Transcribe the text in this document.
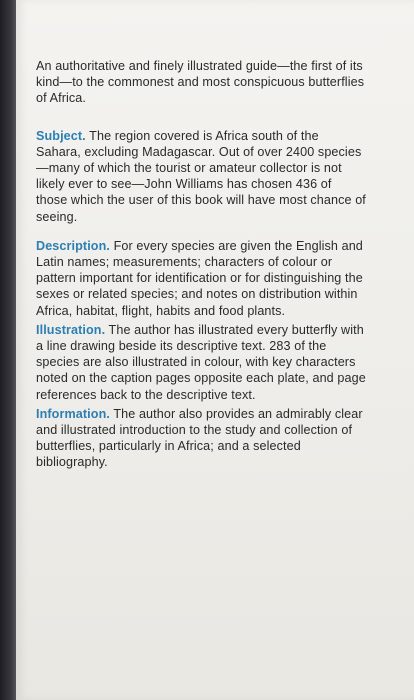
An authoritative and finely illustrated guide—the first of its kind—to the commonest and most conspicuous butterflies of Africa.

Subject. The region covered is Africa south of the Sahara, excluding Madagascar. Out of over 2400 species—many of which the tourist or amateur collector is not likely ever to see—John Williams has chosen 436 of those which the user of this book will have most chance of seeing.

Description. For every species are given the English and Latin names; measurements; characters of colour or pattern important for identification or for distinguishing the sexes or related species; and notes on distribution within Africa, habitat, flight, habits and food plants.

Illustration. The author has illustrated every butterfly with a line drawing beside its descriptive text. 283 of the species are also illustrated in colour, with key characters noted on the caption pages opposite each plate, and page references back to the descriptive text.

Information. The author also provides an admirably clear and illustrated introduction to the study and collection of butterflies, particularly in Africa; and a selected bibliography.
